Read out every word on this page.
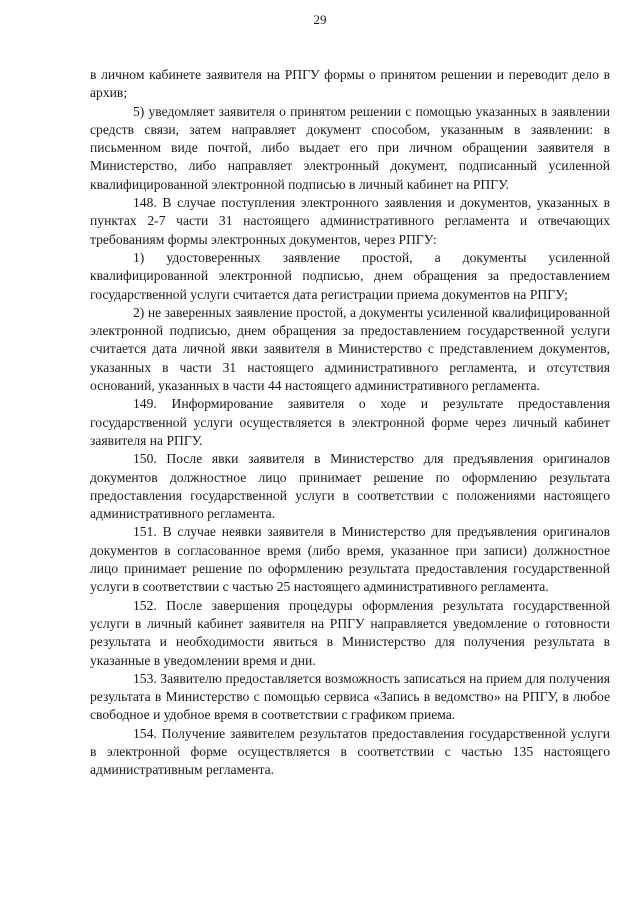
29

в личном кабинете заявителя на РПГУ формы о принятом решении и переводит дело в архив;

5) уведомляет заявителя о принятом решении с помощью указанных в заявлении средств связи, затем направляет документ способом, указанным в заявлении: в письменном виде почтой, либо выдает его при личном обращении заявителя в Министерство, либо направляет электронный документ, подписанный усиленной квалифицированной электронной подписью в личный кабинет на РПГУ.

148. В случае поступления электронного заявления и документов, указанных в пунктах 2-7 части 31 настоящего административного регламента и отвечающих требованиям формы электронных документов, через РПГУ:

1) удостоверенных заявление простой, а документы усиленной квалифицированной электронной подписью, днем обращения за предоставлением государственной услуги считается дата регистрации приема документов на РПГУ;

2) не заверенных заявление простой, а документы усиленной квалифицированной электронной подписью, днем обращения за предоставлением государственной услуги считается дата личной явки заявителя в Министерство с представлением документов, указанных в части 31 настоящего административного регламента, и отсутствия оснований, указанных в части 44 настоящего административного регламента.

149. Информирование заявителя о ходе и результате предоставления государственной услуги осуществляется в электронной форме через личный кабинет заявителя на РПГУ.

150. После явки заявителя в Министерство для предъявления оригиналов документов должностное лицо принимает решение по оформлению результата предоставления государственной услуги в соответствии с положениями настоящего административного регламента.

151. В случае неявки заявителя в Министерство для предъявления оригиналов документов в согласованное время (либо время, указанное при записи) должностное лицо принимает решение по оформлению результата предоставления государственной услуги в соответствии с частью 25 настоящего административного регламента.

152. После завершения процедуры оформления результата государственной услуги в личный кабинет заявителя на РПГУ направляется уведомление о готовности результата и необходимости явиться в Министерство для получения результата в указанные в уведомлении время и дни.

153. Заявителю предоставляется возможность записаться на прием для получения результата в Министерство с помощью сервиса «Запись в ведомство» на РПГУ, в любое свободное и удобное время в соответствии с графиком приема.

154. Получение заявителем результатов предоставления государственной услуги в электронной форме осуществляется в соответствии с частью 135 настоящего административным регламента.
